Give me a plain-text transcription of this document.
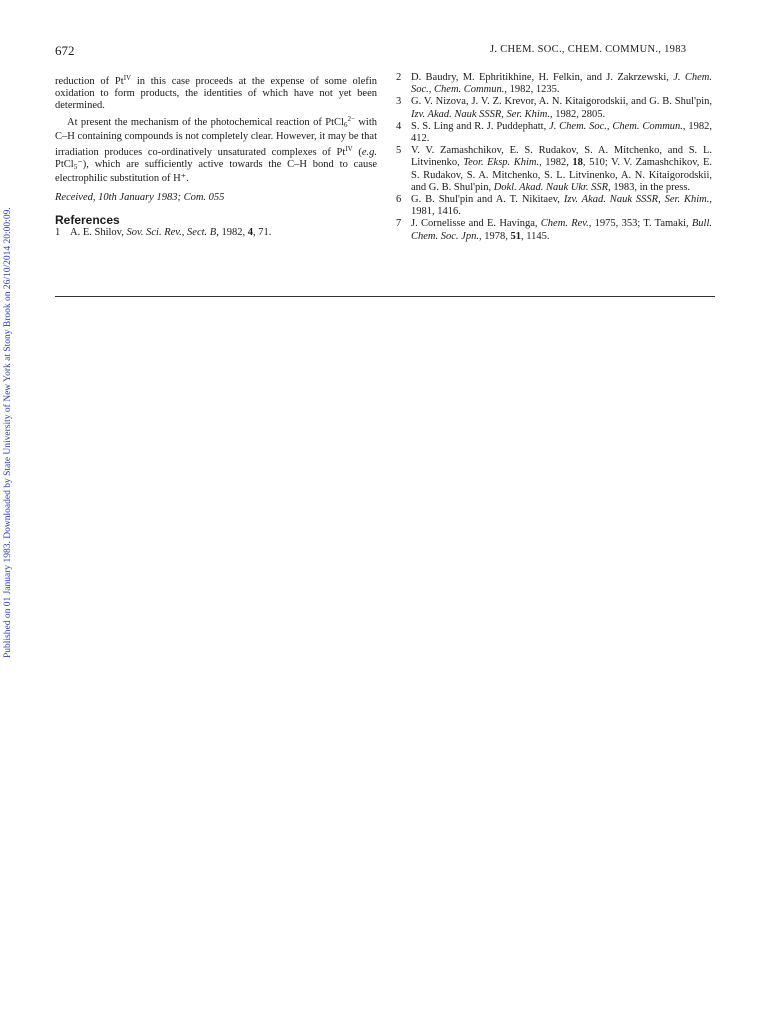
Published on 01 January 1983. Downloaded by State University of New York at Stony Brook on 26/10/2014 20:00:09.
672	J. CHEM. SOC., CHEM. COMMUN., 1983

reduction of $Pt^{IV}$ in this case proceeds at the expense of some olefin oxidation to form products, the identities of which have not yet been determined.

At present the mechanism of the photochemical reaction of PtCl$_6^{2-}$ with C–H containing compounds is not completely clear. However, it may be that irradiation produces co-ordinatively unsaturated complexes of $Pt^{IV}$ (e.g. PtCl$_5$⁻), which are sufficiently active towards the C–H bond to cause electrophilic substitution of H⁺.

Received, 10th January 1983; Com. 055

References

1 A. E. Shilov, Sov. Sci. Rev., Sect. B, 1982, 4, 71.

2 D. Baudry, M. Ephritikhine, H. Felkin, and J. Zakrzewski, J. Chem. Soc., Chem. Commun., 1982, 1235.

3 G. V. Nizova, J. V. Z. Krevor, A. N. Kitaigorodskii, and G. B. Shul'pin, Izv. Akad. Nauk SSSR, Ser. Khim., 1982, 2805.

4 S. S. Ling and R. J. Puddephatt, J. Chem. Soc., Chem. Commun., 1982, 412.

5 V. V. Zamashchikov, E. S. Rudakov, S. A. Mitchenko, and S. L. Litvinenko, Teor. Eksp. Khim., 1982, 18, 510; V. V. Zamashchikov, E. S. Rudakov, S. A. Mitchenko, S. L. Litvinenko, A. N. Kitaigorodskii, and G. B. Shul'pin, Dokl. Akad. Nauk Ukr. SSR, 1983, in the press.

6 G. B. Shul'pin and A. T. Nikitaev, Izv. Akad. Nauk SSSR, Ser. Khim., 1981, 1416.

7 J. Cornelisse and E. Havinga, Chem. Rev., 1975, 353; T. Tamaki, Bull. Chem. Soc. Jpn., 1978, 51, 1145.
